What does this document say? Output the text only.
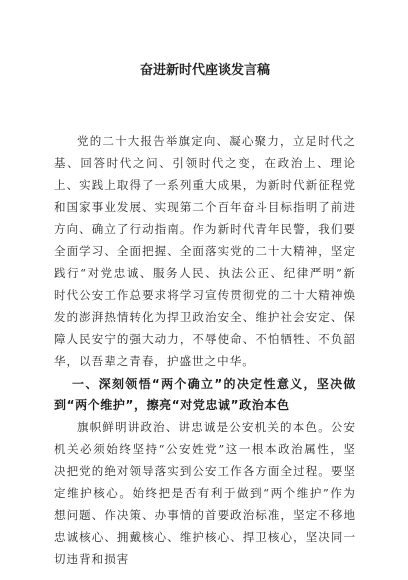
奋进新时代座谈发言稿

党的二十大报告举旗定向、凝心聚力，立足时代之基、回答时代之问、引领时代之变，在政治上、理论上、实践上取得了一系列重大成果，为新时代新征程党和国家事业发展、实现第二个百年奋斗目标指明了前进方向、确立了行动指南。作为新时代青年民警，我们要全面学习、全面把握、全面落实党的二十大精神，坚定践行“对党忠诚、服务人民、执法公正、纪律严明”新时代公安工作总要求将学习宣传贯彻党的二十大精神焕发的澎湃热情转化为捍卫政治安全、维护社会安定、保障人民安宁的强大动力，不辱使命、不怕牺牲、不负韶华，以吾辈之青春，护盛世之中华。

一、深刻领悟“两个确立”的决定性意义，坚决做到“两个维护”，擦亮“对党忠诚”政治本色

旗帜鲜明讲政治、讲忠诚是公安机关的本色。公安机关必须始终坚持“公安姓党”这一根本政治属性，坚决把党的绝对领导落实到公安工作各方面全过程。要坚定维护核心。始终把是否有利于做到“两个维护”作为想问题、作决策、办事情的首要政治标准，坚定不移地忠诚核心、拥戴核心、维护核心、捍卫核心，坚决同一切违背和损害
